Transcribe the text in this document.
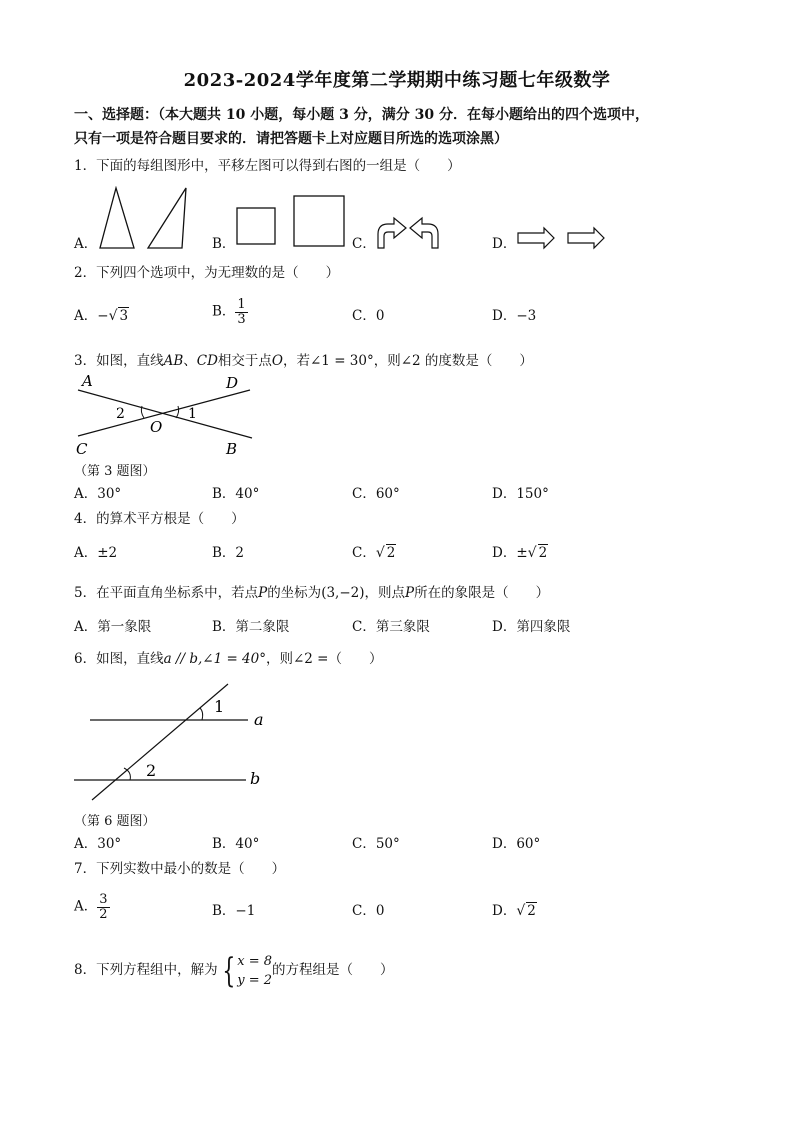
2023-2024学年度第二学期期中练习题七年级数学
一、选择题：（本大题共 10 小题，每小题 3 分，满分 30 分．在每小题给出的四个选项中，
只有一项是符合题目要求的．请把答题卡上对应题目所选的选项涂黑）
1．下面的每组图形中，平移左图可以得到右图的一组是（　　）
A．	B．	C．	D．
2．下列四个选项中，为无理数的是（　　）
A．−√ 3	B． $\frac{1}{3}$	C．0	D．−3
3．如图，直线AB、CD相交于点O，若∠1 = 30°，则∠2 的度数是（　　）
A	D
C	B
O
1
2
（第 3 题图）
A．30°	B．40°	C．60°	D．150°
4．的算术平方根是（　　）
A．±2	B．2	C．√ 2	D．±√ 2
5．在平面直角坐标系中，若点P的坐标为(3,−2)，则点P所在的象限是（　　）
A．第一象限	B．第二象限	C．第三象限	D．第四象限
6．如图，直线a // b,∠1 = 40°，则∠2 =（　　）
1
2
a
b
（第 6 题图）
A．30°	B．40°	C．50°	D．60°
7．下列实数中最小的数是（　　）
A． $\frac{3}{2}$	B．−1	C．0	D．√ 2
8．下列方程组中，解为 { x = 8
y = 2
的方程组是（　　）
